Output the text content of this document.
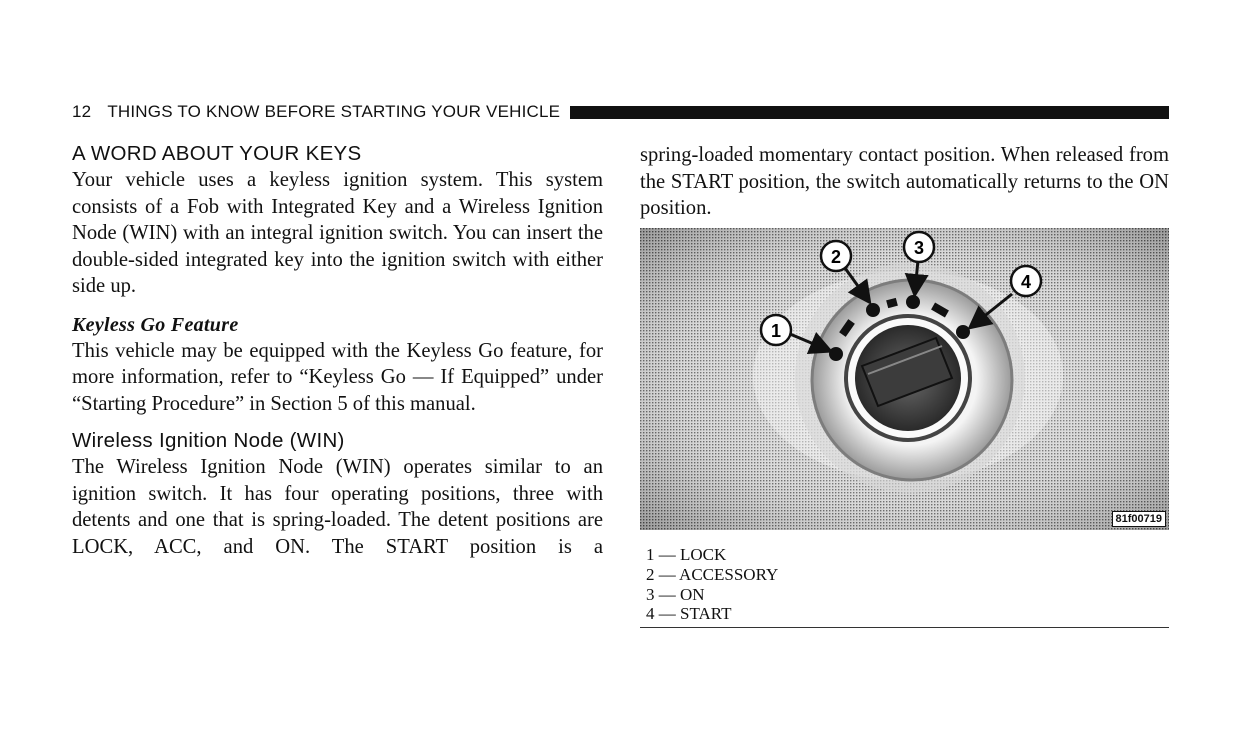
12 THINGS TO KNOW BEFORE STARTING YOUR VEHICLE
A WORD ABOUT YOUR KEYS

Your vehicle uses a keyless ignition system. This system consists of a Fob with Integrated Key and a Wireless Ignition Node (WIN) with an integral ignition switch. You can insert the double-sided integrated key into the ignition switch with either side up.

Keyless Go Feature

This vehicle may be equipped with the Keyless Go feature, for more information, refer to “Keyless Go — If Equipped” under “Starting Procedure” in Section 5 of this manual.

Wireless Ignition Node (WIN)

The Wireless Ignition Node (WIN) operates similar to an ignition switch. It has four operating positions, three with detents and one that is spring-loaded. The detent positions are LOCK, ACC, and ON. The START position is a

spring-loaded momentary contact position. When released from the START position, the switch automatically returns to the ON position.

1
2	3
4
81f00719
1 — LOCK
2 — ACCESSORY
3 — ON
4 — START
